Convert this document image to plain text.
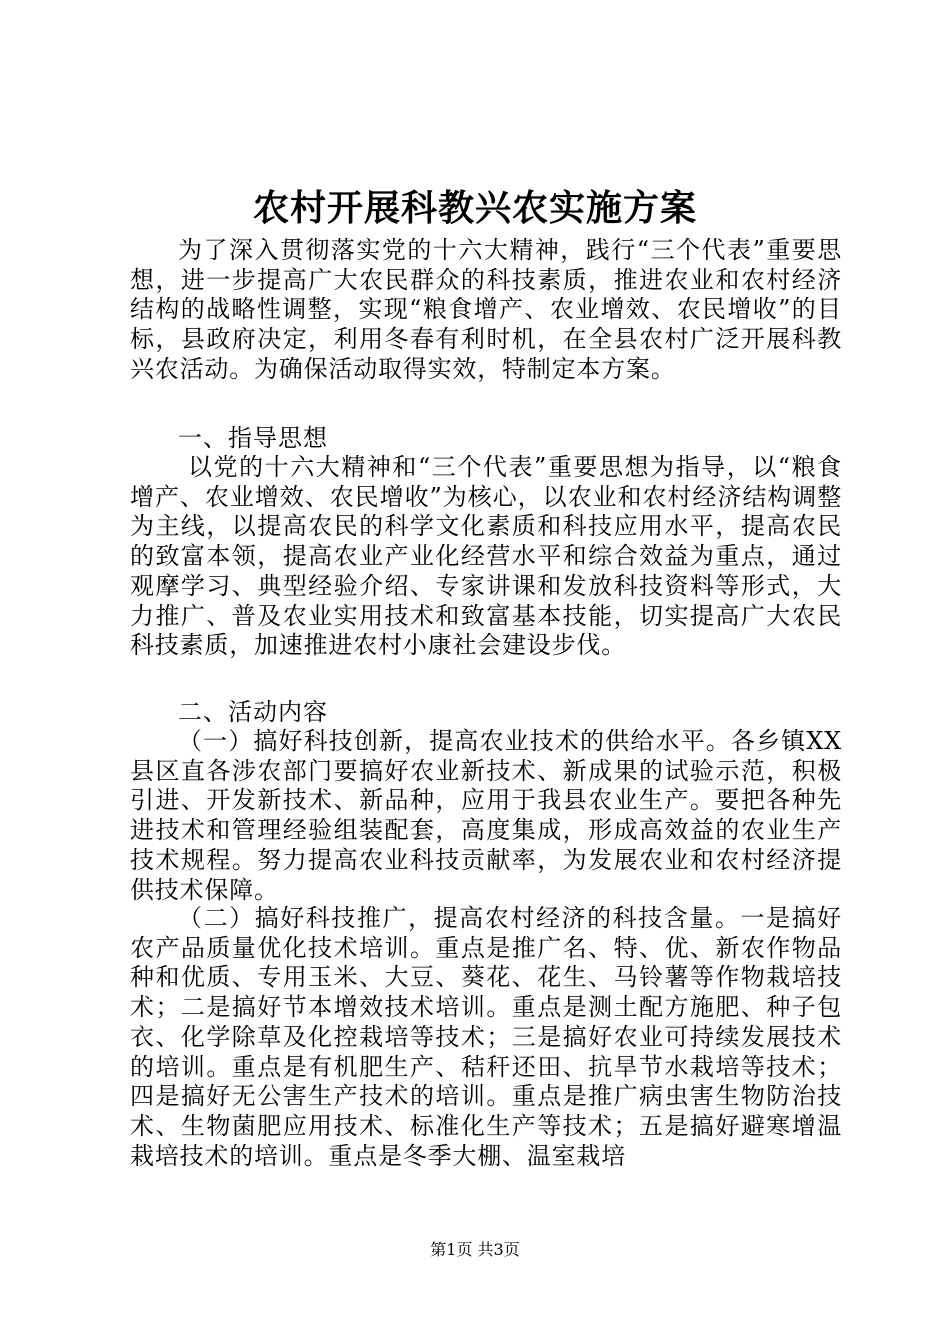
农村开展科教兴农实施方案
为了深入贯彻落实党的十六大精神，践行“三个代表”重要思想，进一步提高广大农民群众的科技素质，推进农业和农村经济结构的战略性调整，实现“粮食增产、农业增效、农民增收”的目标，县政府决定，利用冬春有利时机，在全县农村广泛开展科教兴农活动。为确保活动取得实效，特制定本方案。
一、指导思想
以党的十六大精神和“三个代表”重要思想为指导，以“粮食增产、农业增效、农民增收”为核心，以农业和农村经济结构调整为主线，以提高农民的科学文化素质和科技应用水平，提高农民的致富本领，提高农业产业化经营水平和综合效益为重点，通过观摩学习、典型经验介绍、专家讲课和发放科技资料等形式，大力推广、普及农业实用技术和致富基本技能，切实提高广大农民科技素质，加速推进农村小康社会建设步伐。
二、活动内容
（一）搞好科技创新，提高农业技术的供给水平。各乡镇XX县区直各涉农部门要搞好农业新技术、新成果的试验示范，积极引进、开发新技术、新品种，应用于我县农业生产。要把各种先进技术和管理经验组装配套，高度集成，形成高效益的农业生产技术规程。努力提高农业科技贡献率，为发展农业和农村经济提供技术保障。
（二）搞好科技推广，提高农村经济的科技含量。一是搞好农产品质量优化技术培训。重点是推广名、特、优、新农作物品种和优质、专用玉米、大豆、葵花、花生、马铃薯等作物栽培技术；二是搞好节本增效技术培训。重点是测土配方施肥、种子包衣、化学除草及化控栽培等技术；三是搞好农业可持续发展技术的培训。重点是有机肥生产、秸秆还田、抗旱节水栽培等技术；四是搞好无公害生产技术的培训。重点是推广病虫害生物防治技术、生物菌肥应用技术、标准化生产等技术；五是搞好避寒增温栽培技术的培训。重点是冬季大棚、温室栽培
第1页 共3页
